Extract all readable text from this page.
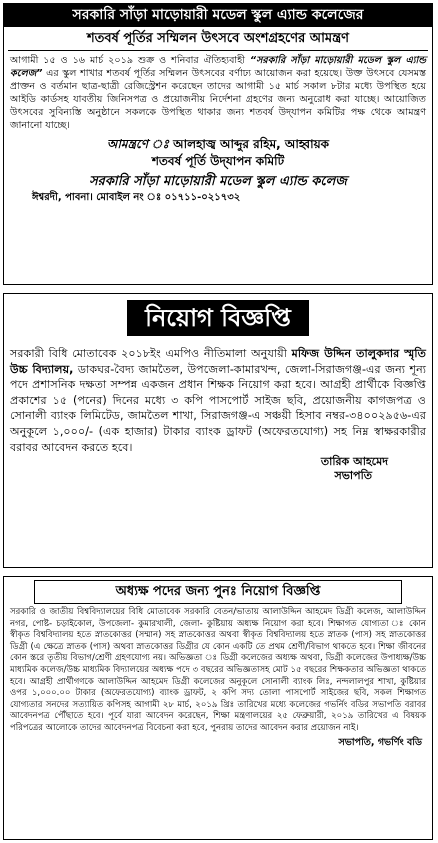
সরকারি সাঁড়া মাড়োয়ারী মডেল স্কুল এ্যান্ড কলেজের
শতবর্ষ পূর্তির সম্মিলন উৎসবে অংশগ্রহণের আমন্ত্রণ
আগামী ১৫ ও ১৬ মার্চ ২০১৯ শুক্র ও শনিবার ঐতিহ্যবাহী “সরকারি সাঁড়া মাড়োয়ারী মডেল স্কুল এ্যান্ড কলেজ” এর স্কুল শাখার শতবর্ষ পূর্তির সম্মিলন উৎসবের বর্ণাঢ্য আয়োজন করা হয়েছে। উক্ত উৎসবে যেসমস্ত প্রাক্তন ও বর্তমান ছাত্র-ছাত্রী রেজিস্ট্রেশন করেছেন তাদের আগামী ১৫ মার্চ সকাল ৮টার মধ্যে উপস্থিত হয়ে আইডি কার্ডসহ যাবতীয় জিনিসপত্র ও প্রয়োজনীয় নির্দেশনা গ্রহণের জন্য অনুরোধ করা যাচ্ছে। আয়োজিত উৎসবের সুবিন্যস্তি অনুষ্ঠানে সকলকে উপস্থিত থাকার জন্য শতবর্ষ উদ্‌যাপন কমিটির পক্ষ থেকে আমন্ত্রণ জানানো যাচ্ছে।
আমন্ত্রণে ঃ আলহাজ্ব আব্দুর রহিম, আহ্বায়ক
শতবর্ষ পূর্তি উদ্‌যাপন কমিটি
সরকারি সাঁড়া মাড়োয়ারী মডেল স্কুল এ্যান্ড কলেজ
ঈশ্বরদী, পাবনা। মোবাইল নং ঃ ০১৭১১-০২১৭৩২
নিয়োগ বিজ্ঞপ্তি
সরকারী বিধি মোতাবেক ২০১৮ইং এমপিও নীতিমালা অনুযায়ী মফিজ উদ্দিন তালুকদার স্মৃতি উচ্চ বিদ্যালয়, ডাকঘর-বৈদ্য জামতৈল, উপজেলা-কামারখন্দ, জেলা-সিরাজগঞ্জ-এর জন্য শূন্য পদে প্রশাসনিক দক্ষতা সম্পন্ন একজন প্রধান শিক্ষক নিয়োগ করা হবে। আগ্রহী প্রার্থীকে বিজ্ঞপ্তি প্রকাশের ১৫ (পনের) দিনের মধ্যে ৩ কপি পাসপোর্ট সাইজ ছবি, প্রয়োজনীয় কাগজপত্র ও সোনালী ব্যাংক লিমিটেড, জামতৈল শাখা, সিরাজগঞ্জ-এ সঞ্চয়ী হিসাব নম্বর-৩৪০০২৯৫৬-এর অনুকূলে ১,০০০/- (এক হাজার) টাকার ব্যাংক ড্রাফট (অফেরতযোগ্য) সহ নিম্ন স্বাক্ষরকারীর বরাবর আবেদন করতে হবে।
তারিক আহমেদ
সভাপতি
অধ্যক্ষ পদের জন্য পুনঃ নিয়োগ বিজ্ঞপ্তি
সরকারি ও জাতীয় বিশ্ববিদ্যালয়ের বিধি মোতাবেক সরকারি বেতন/ভাতায় আলাউদ্দিন আহমেদ ডিগ্রী কলেজ, আলাউদ্দিন নগর, পোষ্ট- চড়াইকোল, উপজেলা- কুমারখালী, জেলা- কুষ্টিয়ায় অধ্যক্ষ নিয়োগ করা হবে। শিক্ষাগত যোগ্যতা ঃ কোন স্বীকৃত বিশ্ববিদ্যালয় হতে স্নাতকোত্তর (সম্মান) সহ স্নাতকোত্তর অথবা স্বীকৃত বিশ্ববিদ্যালয় হতে স্নাতক (পাস) সহ স্নাতকোত্তর ডিগ্রী (এ ক্ষেত্রে স্নাতক (পাস) অথবা স্নাতকোত্তর ডিগ্রীর যে কোন একটি তে প্রথম শ্রেণী/বিভাগ থাকতে হবে। শিক্ষা জীবনের কোন স্তরে তৃতীয় বিভাগ/শ্রেণী গ্রহণযোগ্য নয়। অভিজ্ঞতা ঃ ডিগ্রী কলেজের অধ্যক্ষ অথবা, ডিগ্রী কলেজের উপাধ্যক্ষ/উচ্চ মাধ্যমিক কলেজ/উচ্চ মাধ্যমিক বিদ্যালয়ের অধ্যক্ষ পদে ৩ বছরের অভিজ্ঞতাসহ মোট ১৫ বছরের শিক্ষকতার অভিজ্ঞতা থাকতে হবে। আগ্রহী প্রার্থীগণকে আলাউদ্দিন আহমেদ ডিগ্রী কলেজের অনুকূলে সোনালী ব্যাংক লিঃ, নন্দলালপুর শাখা, কুষ্টিয়ার ওপর ১,০০০.০০ টাকার (অফেরতযোগ্য) ব্যাংক ড্রাফট, ২ কপি সদ্য তোলা পাসপোর্ট সাইজের ছবি, সকল শিক্ষাগত যোগ্যতার সনদের সত্যায়িত কপিসহ আগামী ২৮ মার্চ, ২০১৯ খ্রিঃ তারিখের মধ্যে কলেজের গভর্নিং বডির সভাপতি বরাবর আবেদনপত্র পৌঁছাতে হবে। পূর্বে যারা আবেদন করেছেন, শিক্ষা মন্ত্রণালয়ের ২৫ ফেব্রুয়ারী, ২০১৯ তারিখের এ বিষয়ক পরিপত্রের আলোকে তাদের আবেদনপত্র বিবেচনা করা হবে, পুনরায় তাদের আবেদন করার প্রয়োজন নাই।
সভাপতি, গভর্ণিং বডি
